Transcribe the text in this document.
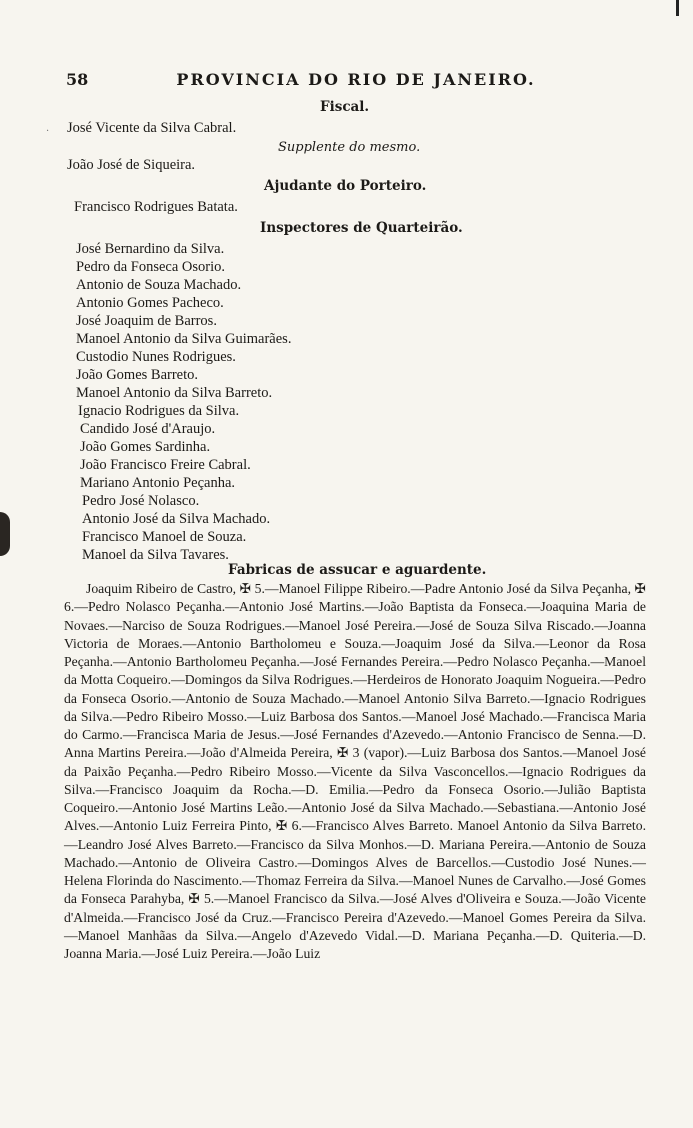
58	PROVINCIA DO RIO DE JANEIRO.
Fiscal.
José Vicente da Silva Cabral.
Supplente do mesmo.
João José de Siqueira.
Ajudante do Porteiro.
Francisco Rodrigues Batata.
Inspectores de Quarteirão.
José Bernardino da Silva.
Pedro da Fonseca Osorio.
Antonio de Souza Machado.
Antonio Gomes Pacheco.
José Joaquim de Barros.
Manoel Antonio da Silva Guimarães.
Custodio Nunes Rodrigues.
João Gomes Barreto.
Manoel Antonio da Silva Barreto.
Ignacio Rodrigues da Silva.
Candido José d'Araujo.
João Gomes Sardinha.
João Francisco Freire Cabral.
Mariano Antonio Peçanha.
Pedro José Nolasco.
Antonio José da Silva Machado.
Francisco Manoel de Souza.
Manoel da Silva Tavares.
Fabricas de assucar e aguardente.
Joaquim Ribeiro de Castro, ✠ 5.—Manoel Filippe Ribeiro.—Padre Antonio José da Silva Peçanha, ✠ 6.—Pedro Nolasco Peçanha.—Antonio José Martins.—João Baptista da Fonseca.—Joaquina Maria de Novaes.—Narciso de Souza Rodrigues.—Manoel José Pereira.—José de Souza Silva Riscado.—Joanna Victoria de Moraes.—Antonio Bartholomeu e Souza.—Joaquim José da Silva.—Leonor da Rosa Peçanha.—Antonio Bartholomeu Peçanha.—José Fernandes Pereira.—Pedro Nolasco Peçanha.—Manoel da Motta Coqueiro.—Domingos da Silva Rodrigues.—Herdeiros de Honorato Joaquim Nogueira.—Pedro da Fonseca Osorio.—Antonio de Souza Machado.—Manoel Antonio Silva Barreto.—Ignacio Rodrigues da Silva.—Pedro Ribeiro Mosso.—Luiz Barbosa dos Santos.—Manoel José Machado.—Francisca Maria do Carmo.—Francisca Maria de Jesus.—José Fernandes d'Azevedo.—Antonio Francisco de Senna.—D. Anna Martins Pereira.—João d'Almeida Pereira, ✠ 3 (vapor).—Luiz Barbosa dos Santos.—Manoel José da Paixão Peçanha.—Pedro Ribeiro Mosso.—Vicente da Silva Vasconcellos.—Ignacio Rodrigues da Silva.—Francisco Joaquim da Rocha.—D. Emilia.—Pedro da Fonseca Osorio.—Julião Baptista Coqueiro.—Antonio José Martins Leão.—Antonio José da Silva Machado.—Sebastiana.—Antonio José Alves.—Antonio Luiz Ferreira Pinto, ✠ 6.—Francisco Alves Barreto. Manoel Antonio da Silva Barreto.—Leandro José Alves Barreto.—Francisco da Silva Monhos.—D. Mariana Pereira.—Antonio de Souza Machado.—Antonio de Oliveira Castro.—Domingos Alves de Barcellos.—Custodio José Nunes.—Helena Florinda do Nascimento.—Thomaz Ferreira da Silva.—Manoel Nunes de Carvalho.—José Gomes da Fonseca Parahyba, ✠ 5.—Manoel Francisco da Silva.—José Alves d'Oliveira e Souza.—João Vicente d'Almeida.—Francisco José da Cruz.—Francisco Pereira d'Azevedo.—Manoel Gomes Pereira da Silva.—Manoel Manhãas da Silva.—Angelo d'Azevedo Vidal.—D. Mariana Peçanha.—D. Quiteria.—D. Joanna Maria.—José Luiz Pereira.—João Luiz
·
